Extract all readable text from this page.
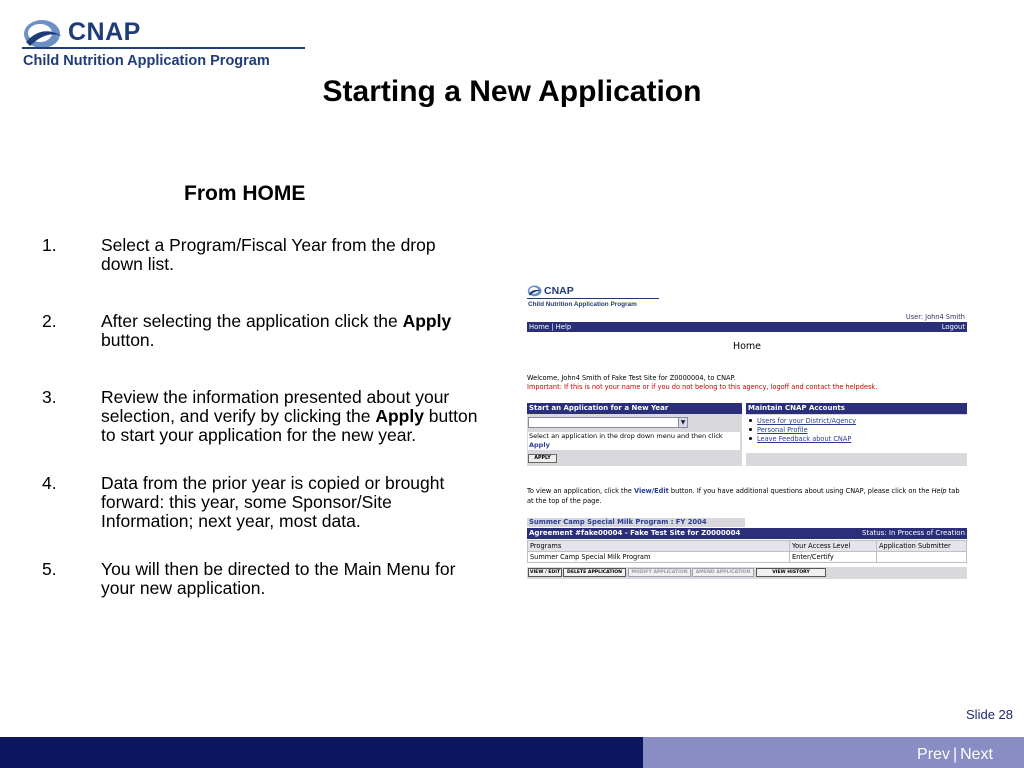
CNAP
Child Nutrition Application Program
Starting a New Application
From HOME
1.	Select a Program/Fiscal Year from the drop down list.
2.	After selecting the application click the Apply button.
3.	Review the information presented about your selection, and verify by clicking the Apply button to start your application for the new year.
4.	Data from the prior year is copied or brought forward: this year, some Sponsor/Site Information; next year, most data.
5.	You will then be directed to the Main Menu for your new application.
CNAP
Child Nutrition Application Program
User: John4 Smith
Home | Help	Logout
Home
Welcome, John4 Smith of Fake Test Site for Z0000004, to CNAP.
Important: If this is not your name or if you do not belong to this agency, logoff and contact the helpdesk.
Start an Application for a New Year
▼
Select an application in the drop down menu and then click Apply
APPLY
Maintain CNAP Accounts
Users for your District/Agency
Personal Profile
Leave Feedback about CNAP
To view an application, click the View/Edit button. If you have additional questions about using CNAP, please click on the Help tab at the top of the page.
Summer Camp Special Milk Program : FY 2004
Agreement #fake00004 - Fake Test Site for Z0000004	Status: In Process of Creation
Programs	Your Access Level	Application Submitter
Summer Camp Special Milk Program	Enter/Certify	
VIEW / EDIT	DELETE APPLICATION	MODIFY APPLICATION	AMEND APPLICATION	VIEW HISTORY
Slide 28
Prev | Next
